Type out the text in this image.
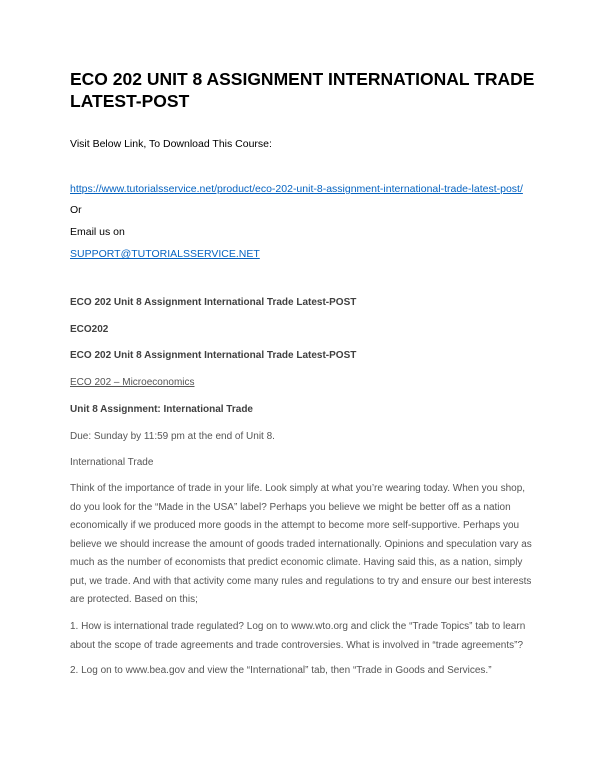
ECO 202 UNIT 8 ASSIGNMENT INTERNATIONAL TRADE LATEST-POST
Visit Below Link, To Download This Course:
https://www.tutorialsservice.net/product/eco-202-unit-8-assignment-international-trade-latest-post/
Or
Email us on
SUPPORT@TUTORIALSSERVICE.NET
ECO 202 Unit 8 Assignment International Trade Latest-POST
ECO202
ECO 202 Unit 8 Assignment International Trade Latest-POST
ECO 202 – Microeconomics
Unit 8 Assignment: International Trade
Due: Sunday by 11:59 pm at the end of Unit 8.
International Trade
Think of the importance of trade in your life. Look simply at what you’re wearing today. When you shop, do you look for the “Made in the USA” label? Perhaps you believe we might be better off as a nation economically if we produced more goods in the attempt to become more self-supportive. Perhaps you believe we should increase the amount of goods traded internationally. Opinions and speculation vary as much as the number of economists that predict economic climate. Having said this, as a nation, simply put, we trade. And with that activity come many rules and regulations to try and ensure our best interests are protected. Based on this;
1. How is international trade regulated? Log on to www.wto.org and click the “Trade Topics” tab to learn about the scope of trade agreements and trade controversies. What is involved in “trade agreements”?
2. Log on to www.bea.gov and view the “International” tab, then “Trade in Goods and Services.”
